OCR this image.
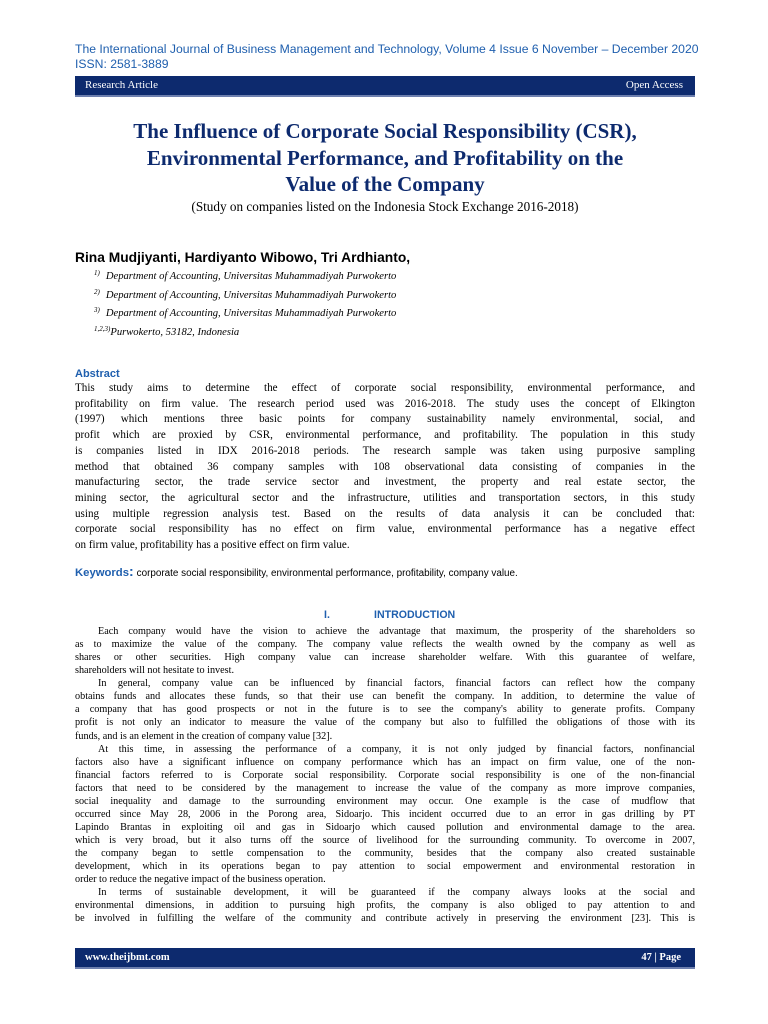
The International Journal of Business Management and Technology, Volume 4 Issue 6 November – December 2020
ISSN: 2581-3889
Research Article	Open Access
The Influence of Corporate Social Responsibility (CSR),
Environmental Performance, and Profitability on the
Value of the Company
(Study on companies listed on the Indonesia Stock Exchange 2016-2018)
Rina Mudjiyanti, Hardiyanto Wibowo, Tri Ardhianto,
$^{1)}$ Department of Accounting, Universitas Muhammadiyah Purwokerto
$^{2)}$ Department of Accounting, Universitas Muhammadiyah Purwokerto
$^{3)}$ Department of Accounting, Universitas Muhammadiyah Purwokerto
$^{1,2,3)}$Purwokerto, 53182, Indonesia
Abstract
This study aims to determine the effect of corporate social responsibility, environmental performance, and
profitability on firm value. The research period used was 2016-2018. The study uses the concept of Elkington
(1997) which mentions three basic points for company sustainability namely environmental, social, and
profit which are proxied by CSR, environmental performance, and profitability. The population in this study
is companies listed in IDX 2016-2018 periods. The research sample was taken using purposive sampling
method that obtained 36 company samples with 108 observational data consisting of companies in the
manufacturing sector, the trade service sector and investment, the property and real estate sector, the
mining sector, the agricultural sector and the infrastructure, utilities and transportation sectors, in this study
using multiple regression analysis test. Based on the results of data analysis it can be concluded that:
corporate social responsibility has no effect on firm value, environmental performance has a negative effect
on firm value, profitability has a positive effect on firm value.
Keywords: corporate social responsibility, environmental performance, profitability, company value.
I.	INTRODUCTION
Each company would have the vision to achieve the advantage that maximum, the prosperity of the shareholders so
as to maximize the value of the company. The company value reflects the wealth owned by the company as well as
shares or other securities. High company value can increase shareholder welfare. With this guarantee of welfare,
shareholders will not hesitate to invest.
In general, company value can be influenced by financial factors, financial factors can reflect how the company
obtains funds and allocates these funds, so that their use can benefit the company. In addition, to determine the value of
a company that has good prospects or not in the future is to see the company's ability to generate profits. Company
profit is not only an indicator to measure the value of the company but also to fulfilled the obligations of those with its
funds, and is an element in the creation of company value [32].
At this time, in assessing the performance of a company, it is not only judged by financial factors, nonfinancial
factors also have a significant influence on company performance which has an impact on firm value, one of the non-
financial factors referred to is Corporate social responsibility. Corporate social responsibility is one of the non-financial
factors that need to be considered by the management to increase the value of the company as more improve companies,
social inequality and damage to the surrounding environment may occur. One example is the case of mudflow that
occurred since May 28, 2006 in the Porong area, Sidoarjo. This incident occurred due to an error in gas drilling by PT
Lapindo Brantas in exploiting oil and gas in Sidoarjo which caused pollution and environmental damage to the area.
which is very broad, but it also turns off the source of livelihood for the surrounding community. To overcome in 2007,
the company began to settle compensation to the community, besides that the company also created sustainable
development, which in its operations began to pay attention to social empowerment and environmental restoration in
order to reduce the negative impact of the business operation.
In terms of sustainable development, it will be guaranteed if the company always looks at the social and
environmental dimensions, in addition to pursuing high profits, the company is also obliged to pay attention to and
be involved in fulfilling the welfare of the community and contribute actively in preserving the environment [23]. This is
www.theijbmt.com	47 | Page
